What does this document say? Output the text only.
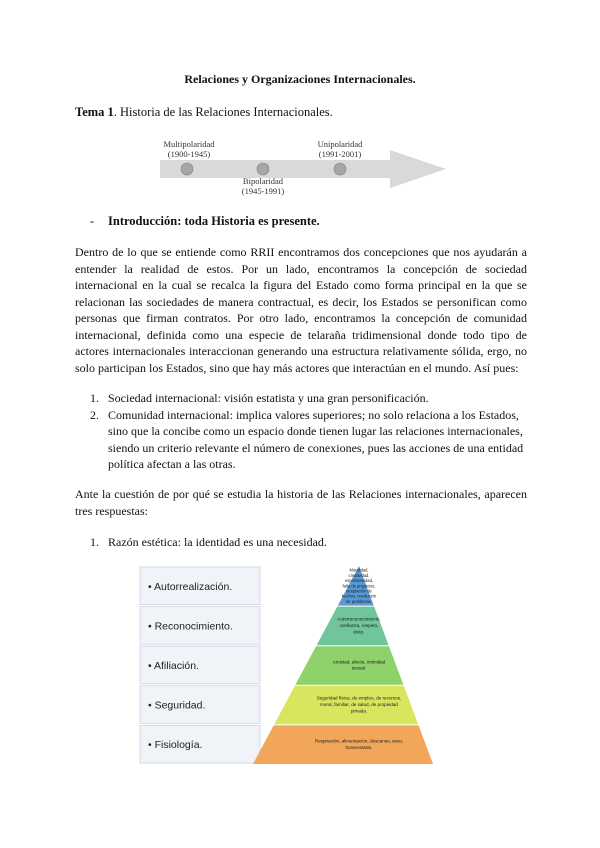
Relaciones y Organizaciones Internacionales.
Tema 1. Historia de las Relaciones Internacionales.
Multipolaridad
(1900-1945)
Bipolaridad
(1945-1991)
Unipolaridad
(1991-2001)
- Introducción: toda Historia es presente.

Dentro de lo que se entiende como RRII encontramos dos concepciones que nos ayudarán a entender la realidad de estos. Por un lado, encontramos la concepción de sociedad internacional en la cual se recalca la figura del Estado como forma principal en la que se relacionan las sociedades de manera contractual, es decir, los Estados se personifican como personas que firman contratos. Por otro lado, encontramos la concepción de comunidad internacional, definida como una especie de telaraña tridimensional donde todo tipo de actores internacionales interaccionan generando una estructura relativamente sólida, ergo, no solo participan los Estados, sino que hay más actores que interactúan en el mundo. Así pues:

1. Sociedad internacional: visión estatista y una gran personificación.
2. Comunidad internacional: implica valores superiores; no solo relaciona a los Estados, sino que la concibe como un espacio donde tienen lugar las relaciones internacionales, siendo un criterio relevante el número de conexiones, pues las acciones de una entidad política afectan a las otras.

Ante la cuestión de por qué se estudia la historia de las Relaciones internacionales, aparecen tres respuestas:

1. Razón estética: la identidad es una necesidad.
• Autorrealización.
Moralidad,
creatividad,
espontaneidad,
falta de prejuicios,
aceptación de
hechos, resolución
de problemas.
• Reconocimiento.
Autorreconocimiento,
confianza, respeto,
éxito.
• Afiliación.	Amistad, afecto, intimidad
sexual.
• Seguridad.
Seguridad física, de empleo, de recursos,
moral, familiar, de salud, de propiedad
privada.
• Fisiología.	Respiración, alimentación, descanso, sexo,
homeostasis.
